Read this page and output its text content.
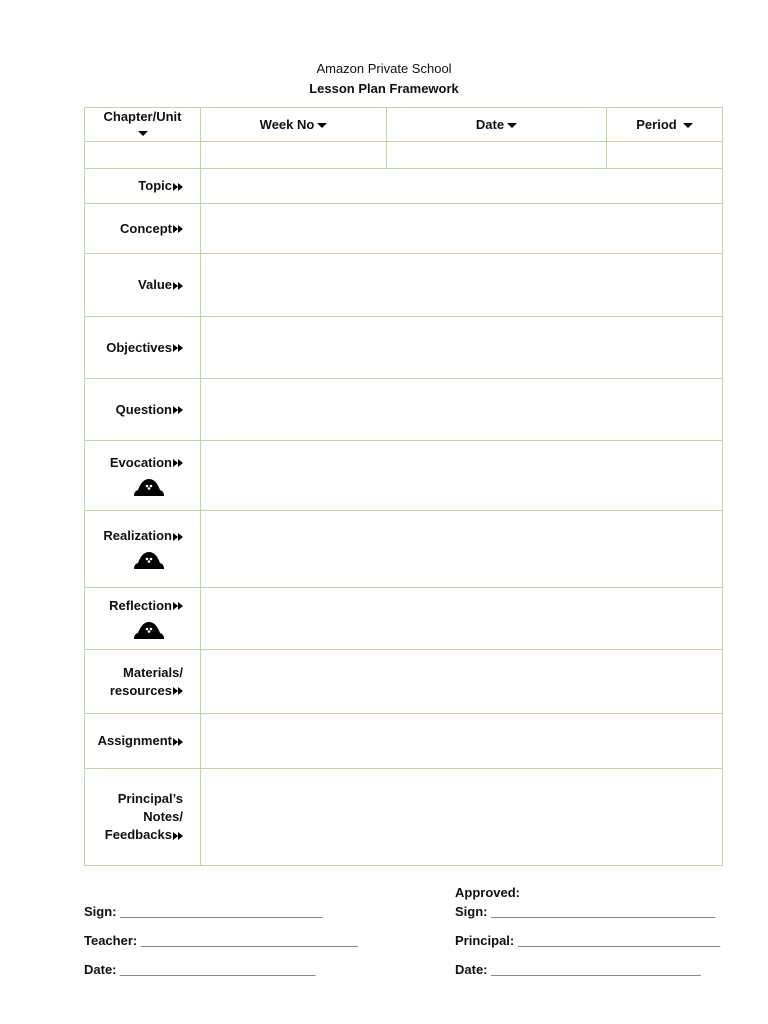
Amazon Private School
Lesson Plan Framework
Chapter/Unit	Week No	Date	Period

Topic			
Concept			
Value			
Objectives			
Question			

Evocation			

Realization			

Reflection			

Materials/
resources			

Assignment			

Principal’s
Notes/
Feedbacks			

Sign: ____________________________
Teacher: ______________________________
Date: ___________________________
Approved:
Sign: _______________________________
Principal: ____________________________
Date: _____________________________
